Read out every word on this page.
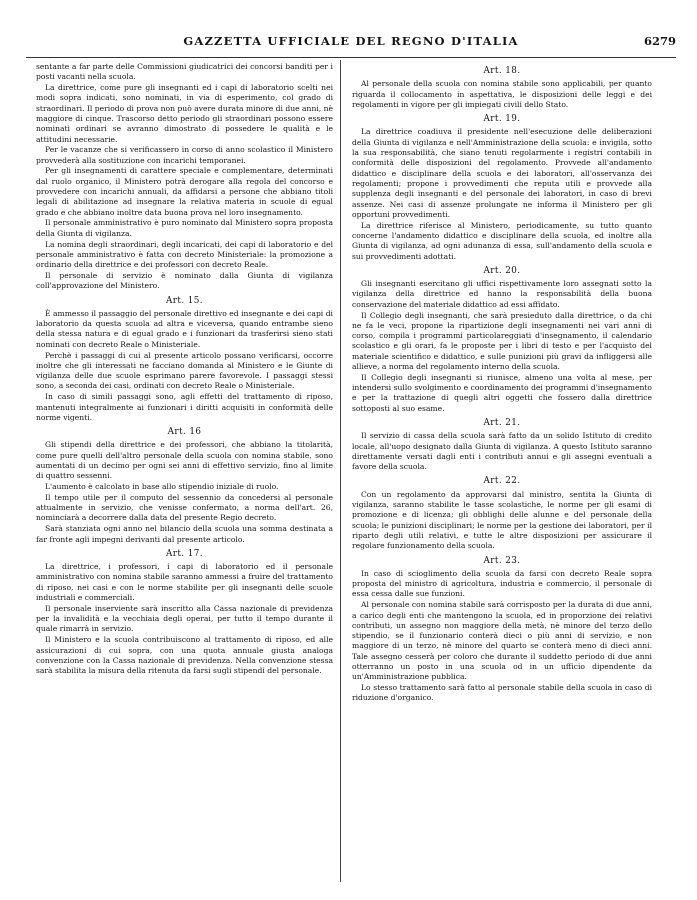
GAZZETTA UFFICIALE DEL REGNO D'ITALIA	6279

sentante a far parte delle Commissioni giudicatrici dei concorsi banditi per i posti vacanti nella scuola.

La direttrice, come pure gli insegnanti ed i capi di laboratorio scelti nei modi sopra indicati, sono nominati, in via di esperimento, col grado di straordinari. Il periodo di prova non può avere durata minore di due anni, nè maggiore di cinque. Trascorso detto periodo gli straordinari possono essere nominati ordinari se avranno dimostrato di possedere le qualità e le attitudini necessarie.

Per le vacanze che si verificassero in corso di anno scolastico il Ministero provvederà alla sostituzione con incarichi temporanei.

Per gli insegnamenti di carattere speciale e complementare, determinati dal ruolo organico, il Ministero potrà derogare alla regola del concorso e provvedere con incarichi annuali, da affidarsi a persone che abbiano titoli legali di abilitazione ad insegnare la relativa materia in scuole di egual grado e che abbiano inoltre data buona prova nel loro insegnamento.

Il personale amministrativo è puro nominato dal Ministero sopra proposta della Giunta di vigilanza.

La nomina degli straordinari, degli incaricati, dei capi di laboratorio e del personale amministrativo è fatta con decreto Ministeriale: la promozione a ordinario della direttrice e dei professori con decreto Reale.

Il personale di servizio è nominato dalla Giunta di vigilanza coll'approvazione del Ministero.

Art. 15.

È ammesso il passaggio del personale direttivo ed insegnante e dei capi di laboratorio da questa scuola ad altra e viceversa, quando entrambe sieno della stessa natura e di egual grado e i funzionari da trasferirsi sieno stati nominati con decreto Reale o Ministeriale.

Perchè i passaggi di cui al presente articolo possano verificarsi, occorre inoltre che gli interessati ne facciano domanda al Ministero e le Giunte di vigilanza delle due scuole esprimano parere favorevole. I passaggi stessi sono, a seconda dei casi, ordinati con decreto Reale o Ministeriale.

In caso di simili passaggi sono, agli effetti del trattamento di riposo, mantenuti integralmente ai funzionari i diritti acquisiti in conformità delle norme vigenti.

Art. 16

Gli stipendi della direttrice e dei professori, che abbiano la titolarità, come pure quelli dell'altro personale della scuola con nomina stabile, sono aumentati di un decimo per ogni sei anni di effettivo servizio, fino al limite di quattro sessenni.

L'aumento è calcolato in base allo stipendio iniziale di ruolo.

Il tempo utile per il computo del sessennio da concedersi al personale attualmente in servizio, che venisse confermato, a norma dell'art. 26, nominciarà a decorrere dalla data del presente Regio decreto.

Sarà stanziata ogni anno nel bilancio della scuola una somma destinata a far fronte agli impegni derivanti dal presente articolo.

Art. 17.

La direttrice, i professori, i capi di laboratorio ed il personale amministrativo con nomina stabile saranno ammessi a fruire del trattamento di riposo, nei casi e con le norme stabilite per gli insegnanti delle scuole industriali e commerciali.

Il personale inserviente sarà inscritto alla Cassa nazionale di previdenza per la invalidità e la vecchiaia degli operai, per tutto il tempo durante il quale rimarrà in servizio.

Il Ministero e la scuola contribuiscono al trattamento di riposo, ed alle assicurazioni di cui sopra, con una quota annuale giusta analoga convenzione con la Cassa nazionale di previdenza. Nella convenzione stessa sarà stabilita la misura della ritenuta da farsi sugli stipendi del personale.

Art. 18.

Al personale della scuola con nomina stabile sono applicabili, per quanto riguarda il collocamento in aspettativa, le disposizioni delle leggi e dei regolamenti in vigore per gli impiegati civili dello Stato.

Art. 19.

La direttrice coadiuva il presidente nell'esecuzione delle deliberazioni della Giunta di vigilanza e nell'Amministrazione della scuola: e invigila, sotto la sua responsabilità, che siano tenuti regolarmente i registri contabili in conformità delle disposizioni del regolamento. Provvede all'andamento didattico e disciplinare della scuola e dei laboratori, all'osservanza dei regolamenti; propone i provvedimenti che reputa utili e provvede alla supplenza degli insegnanti e del personale dei laboratori, in caso di brevi assenze. Nei casi di assenze prolungate ne informa il Ministero per gli opportuni provvedimenti.

La direttrice riferisce al Ministero, periodicamente, su tutto quanto concerne l'andamento didattico e disciplinare della scuola, ed inoltre alla Giunta di vigilanza, ad ogni adunanza di essa, sull'andamento della scuola e sui provvedimenti adottati.

Art. 20.

Gli insegnanti esercitano gli uffici rispettivamente loro assegnati sotto la vigilanza della direttrice ed hanno la responsabilità della buona conservazione del materiale didattico ad essi affidato.

Il Collegio degli insegnanti, che sarà presieduto dalla direttrice, o da chi ne fa le veci, propone la ripartizione degli insegnamenti nei vari anni di corso, compila i programmi particolareggiati d'insegnamento, il calendario scolastico e gli orari, fa le proposte per i libri di testo e per l'acquisto del materiale scientifico e didattico, e sulle punizioni più gravi da infliggersi alle allieve, a norma del regolamento interno della scuola.

Il Collegio degli insegnanti si riunisce, almeno una volta al mese, per intendersi sullo svolgimento e coordinamento dei programmi d'insegnamento e per la trattazione di quegli altri oggetti che fossero dalla direttrice sottoposti al suo esame.

Art. 21.

Il servizio di cassa della scuola sarà fatto da un solido Istituto di credito locale, all'uopo designato dalla Giunta di vigilanza. A questo Istituto saranno direttamente versati dagli enti i contributi annui e gli assegni eventuali a favore della scuola.

Art. 22.

Con un regolamento da approvarsi dal ministro, sentita la Giunta di vigilanza, saranno stabilite le tasse scolastiche, le norme per gli esami di promozione e di licenza; gli obblighi delle alunne e del personale della scuola; le punizioni disciplinari; le norme per la gestione dei laboratori, per il riparto degli utili relativi, e tutte le altre disposizioni per assicurare il regolare funzionamento della scuola.

Art. 23.

In caso di scioglimento della scuola da farsi con decreto Reale sopra proposta del ministro di agricoltura, industria e commercio, il personale di essa cessa dalle sue funzioni.

Al personale con nomina stabile sarà corrisposto per la durata di due anni, a carico degli enti che mantengono la scuola, ed in proporzione dei relativi contributi, un assegno non maggiore della metà, nè minore del terzo dello stipendio, se il funzionario conterà dieci o più anni di servizio, e non maggiore di un terzo, nè minore del quarto se conterà meno di dieci anni. Tale assegno cesserà per coloro che durante il suddetto periodo di due anni otterranno un posto in una scuola od in un ufficio dipendente da un'Amministrazione pubblica.

Lo stesso trattamento sarà fatto al personale stabile della scuola in caso di riduzione d'organico.
